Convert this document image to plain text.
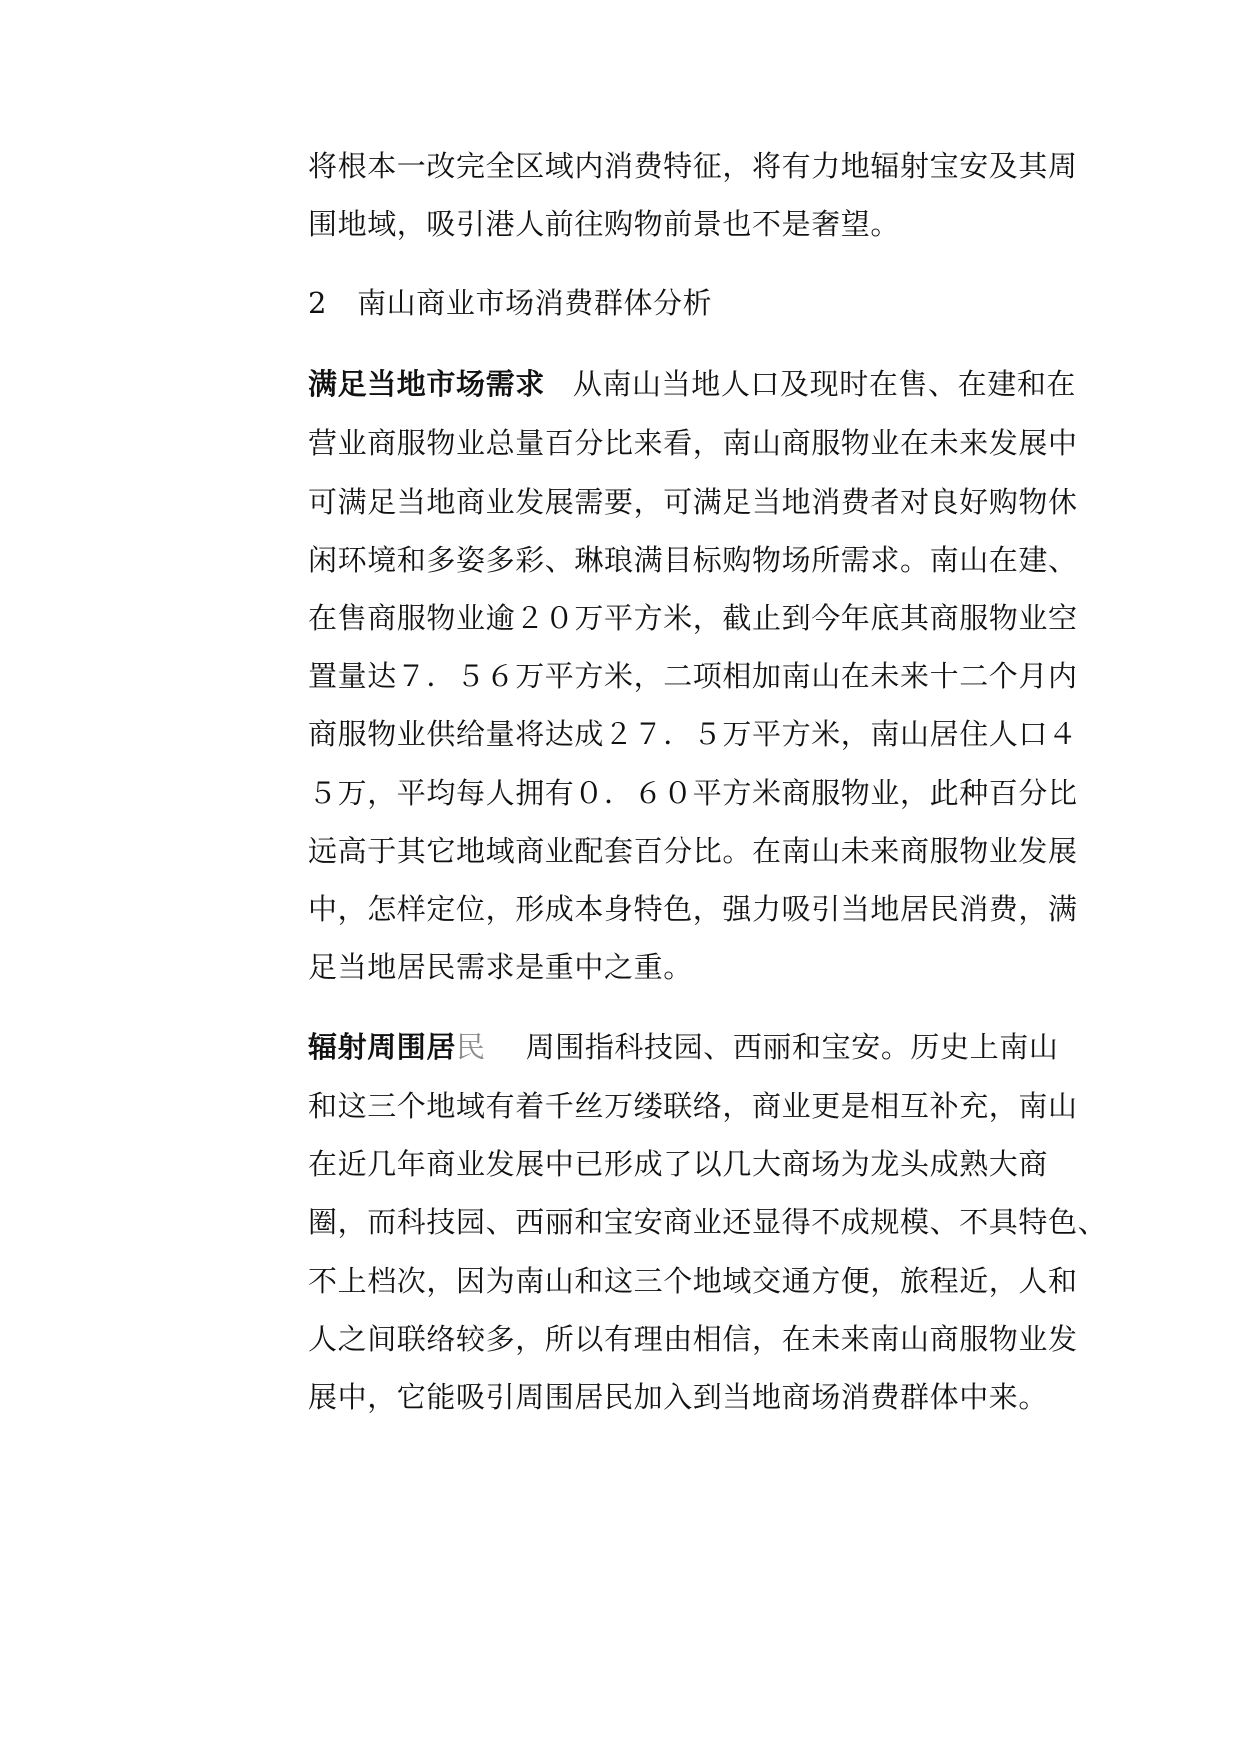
将根本一改完全区域内消费特征，将有力地辐射宝安及其周
围地域，吸引港人前往购物前景也不是奢望。
2 南山商业市场消费群体分析
满足当地市场需求 从南山当地人口及现时在售、在建和在
营业商服物业总量百分比来看，南山商服物业在未来发展中
可满足当地商业发展需要，可满足当地消费者对良好购物休
闲环境和多姿多彩、琳琅满目标购物场所需求。南山在建、
在售商服物业逾２０万平方米，截止到今年底其商服物业空
置量达７．５６万平方米，二项相加南山在未来十二个月内
商服物业供给量将达成２７．５万平方米，南山居住人口４
５万，平均每人拥有０．６０平方米商服物业，此种百分比
远高于其它地域商业配套百分比。在南山未来商服物业发展
中，怎样定位，形成本身特色，强力吸引当地居民消费，满
足当地居民需求是重中之重。
辐射周围居民 周围指科技园、西丽和宝安。历史上南山
和这三个地域有着千丝万缕联络，商业更是相互补充，南山
在近几年商业发展中已形成了以几大商场为龙头成熟大商
圈，而科技园、西丽和宝安商业还显得不成规模、不具特色、
不上档次，因为南山和这三个地域交通方便，旅程近，人和
人之间联络较多，所以有理由相信，在未来南山商服物业发
展中，它能吸引周围居民加入到当地商场消费群体中来。
